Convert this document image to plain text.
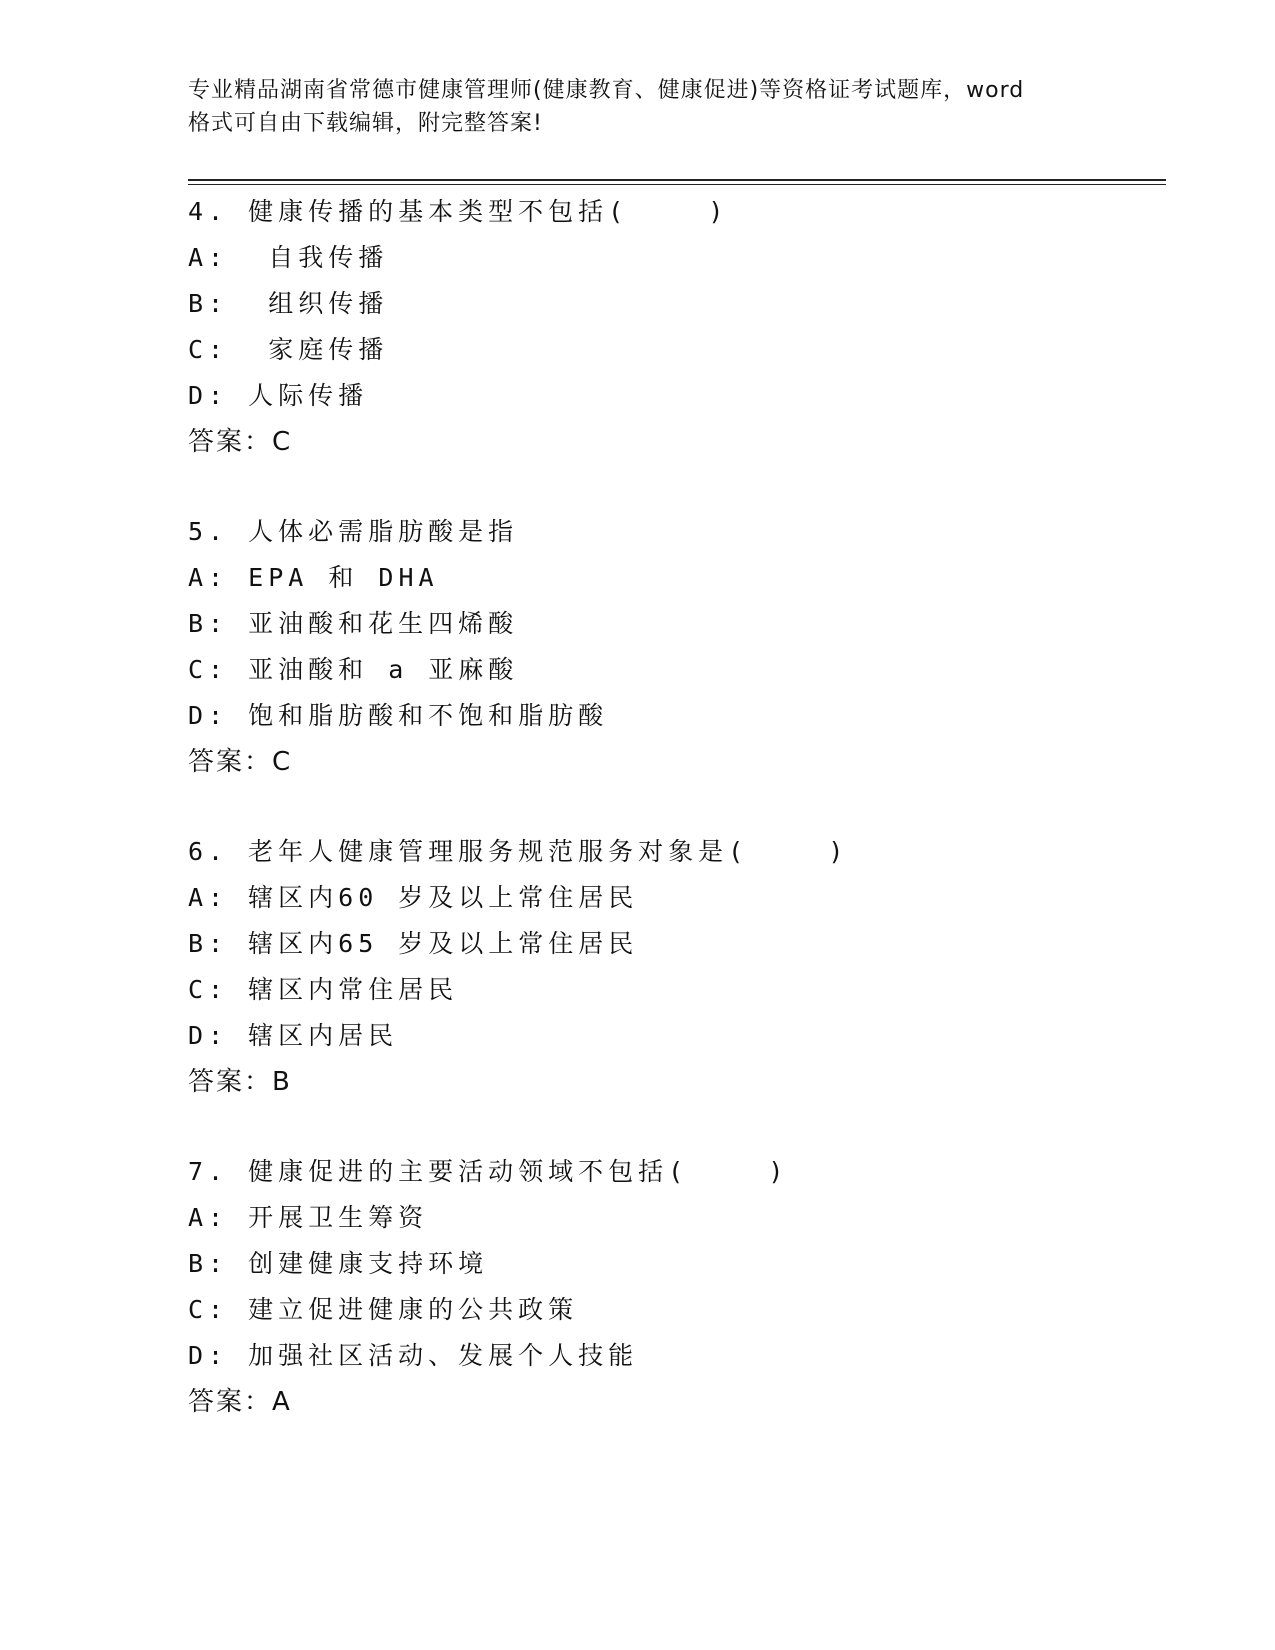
专业精品湖南省常德市健康管理师(健康教育、健康促进)等资格证考试题库，word
格式可自由下载编辑，附完整答案!
4. 健康传播的基本类型不包括(    )
A:  自我传播
B:  组织传播
C:  家庭传播
D: 人际传播
答案：C
5. 人体必需脂肪酸是指
A: EPA 和 DHA
B: 亚油酸和花生四烯酸
C: 亚油酸和 a 亚麻酸
D: 饱和脂肪酸和不饱和脂肪酸
答案：C
6. 老年人健康管理服务规范服务对象是(    )
A: 辖区内60 岁及以上常住居民
B: 辖区内65 岁及以上常住居民
C: 辖区内常住居民
D: 辖区内居民
答案：B
7. 健康促进的主要活动领域不包括(    )
A: 开展卫生筹资
B: 创建健康支持环境
C: 建立促进健康的公共政策
D: 加强社区活动、发展个人技能
答案：A
